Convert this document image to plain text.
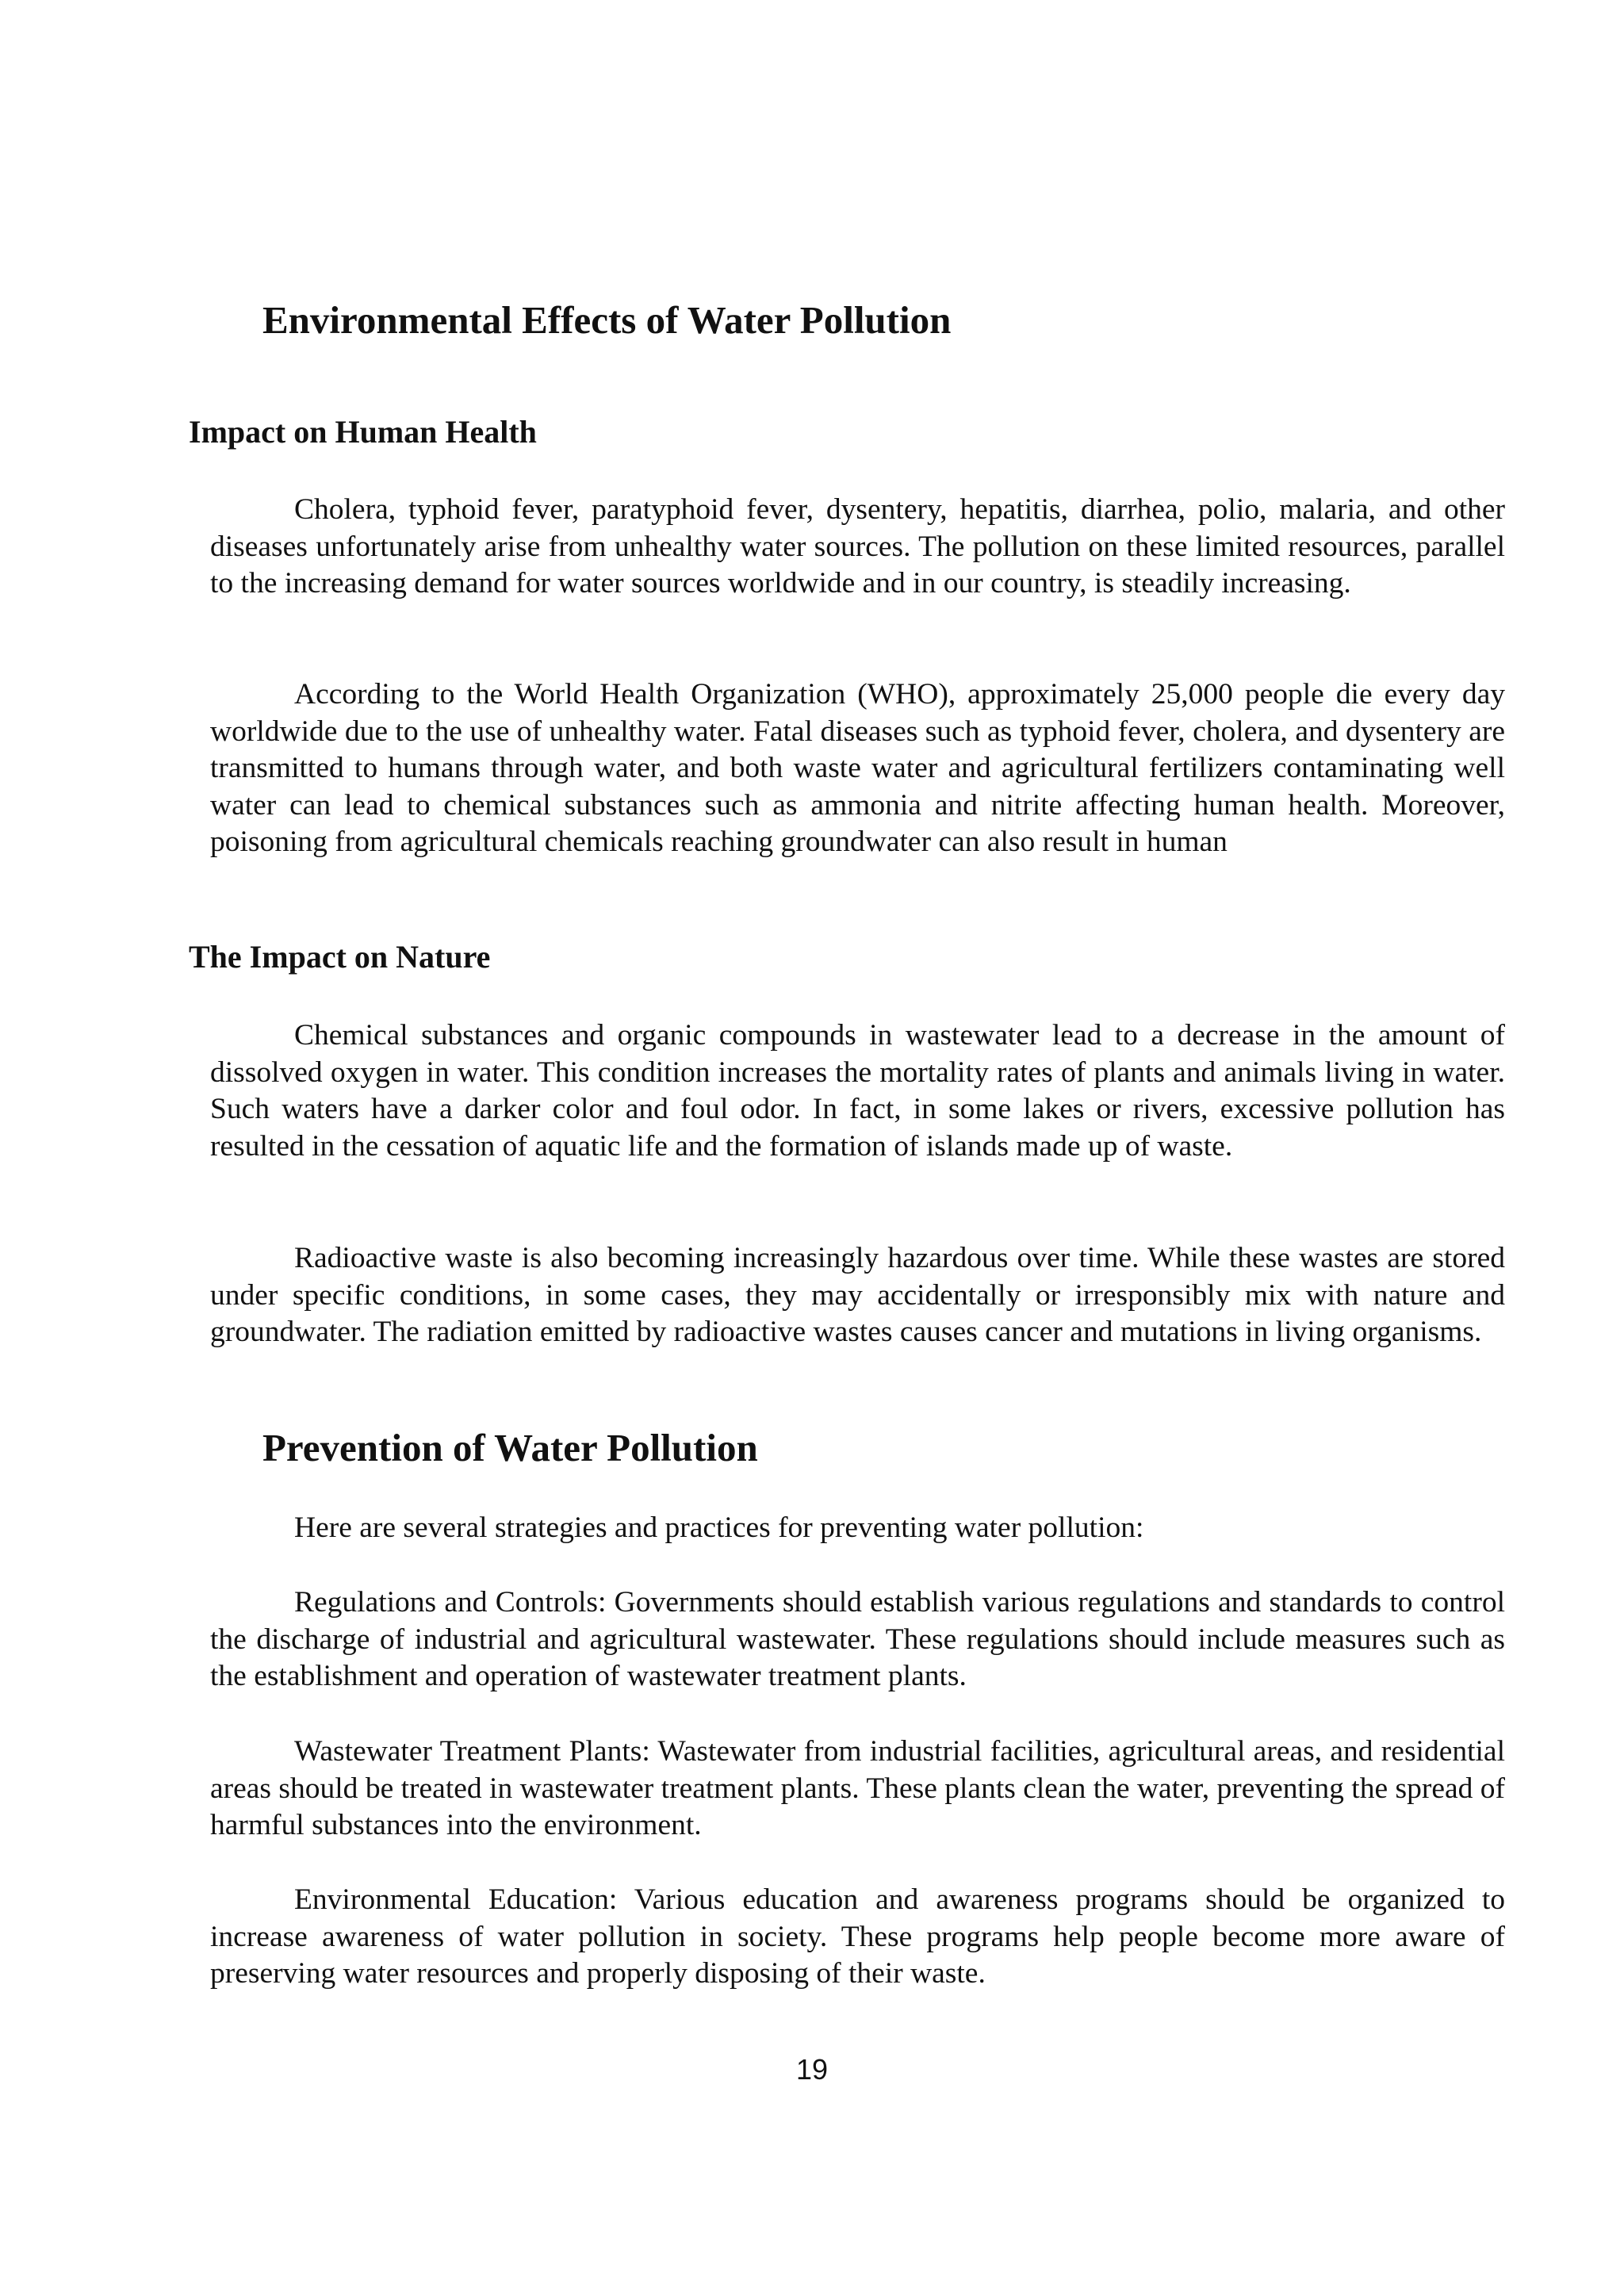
Environmental Effects of Water Pollution
Impact on Human Health

Cholera, typhoid fever, paratyphoid fever, dysentery, hepatitis, diarrhea, polio, malaria, and other diseases unfortunately arise from unhealthy water sources. The pollution on these limited resources, parallel to the increasing demand for water sources worldwide and in our country, is steadily increasing.

According to the World Health Organization (WHO), approximately 25,000 people die every day worldwide due to the use of unhealthy water. Fatal diseases such as typhoid fever, cholera, and dysentery are transmitted to humans through water, and both waste water and agricultural fertilizers contaminating well water can lead to chemical substances such as ammonia and nitrite affecting human health. Moreover, poisoning from agricultural chemicals reaching groundwater can also result in human

The Impact on Nature

Chemical substances and organic compounds in wastewater lead to a decrease in the amount of dissolved oxygen in water. This condition increases the mortality rates of plants and animals living in water. Such waters have a darker color and foul odor. In fact, in some lakes or rivers, excessive pollution has resulted in the cessation of aquatic life and the formation of islands made up of waste.

Radioactive waste is also becoming increasingly hazardous over time. While these wastes are stored under specific conditions, in some cases, they may accidentally or irresponsibly mix with nature and groundwater. The radiation emitted by radioactive wastes causes cancer and mutations in living organisms.

Prevention of Water Pollution

Here are several strategies and practices for preventing water pollution:

Regulations and Controls: Governments should establish various regulations and standards to control the discharge of industrial and agricultural wastewater. These regulations should include measures such as the establishment and operation of wastewater treatment plants.

Wastewater Treatment Plants: Wastewater from industrial facilities, agricultural areas, and residential areas should be treated in wastewater treatment plants. These plants clean the water, preventing the spread of harmful substances into the environment.

Environmental Education: Various education and awareness programs should be organized to increase awareness of water pollution in society. These programs help people become more aware of preserving water resources and properly disposing of their waste.

19
